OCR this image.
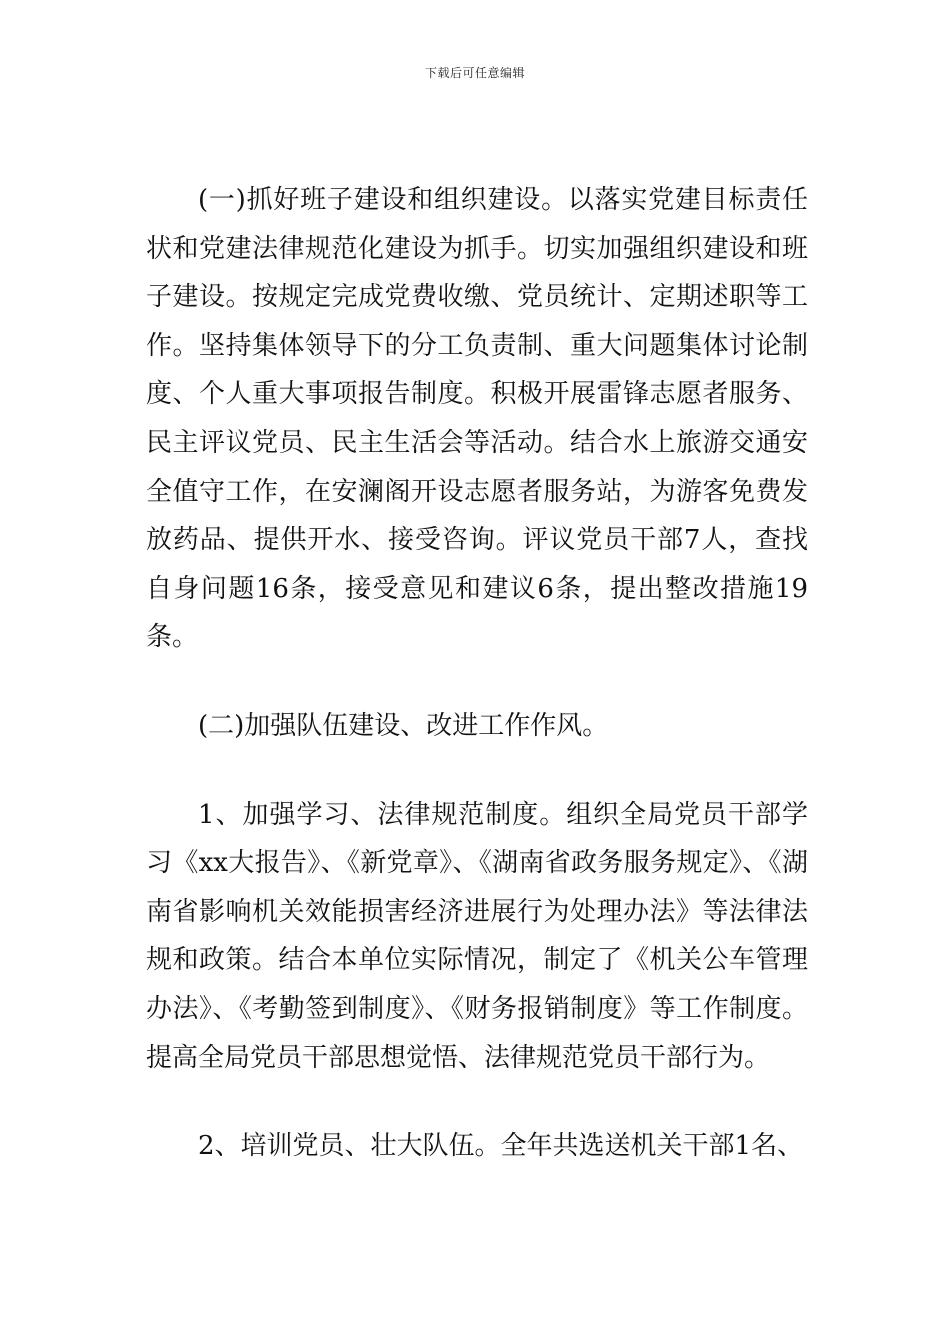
下载后可任意编辑

(一)抓好班子建设和组织建设。以落实党建目标责任状和党建法律规范化建设为抓手。切实加强组织建设和班子建设。按规定完成党费收缴、党员统计、定期述职等工作。坚持集体领导下的分工负责制、重大问题集体讨论制度、个人重大事项报告制度。积极开展雷锋志愿者服务、民主评议党员、民主生活会等活动。结合水上旅游交通安全值守工作，在安澜阁开设志愿者服务站，为游客免费发放药品、提供开水、接受咨询。评议党员干部7人，查找自身问题16条，接受意见和建议6条，提出整改措施19条。

(二)加强队伍建设、改进工作作风。

1、加强学习、法律规范制度。组织全局党员干部学习《xx大报告》、《新党章》、《湖南省政务服务规定》、《湖南省影响机关效能损害经济进展行为处理办法》等法律法规和政策。结合本单位实际情况，制定了《机关公车管理办法》、《考勤签到制度》、《财务报销制度》等工作制度。提高全局党员干部思想觉悟、法律规范党员干部行为。

2、培训党员、壮大队伍。全年共选送机关干部1名、
